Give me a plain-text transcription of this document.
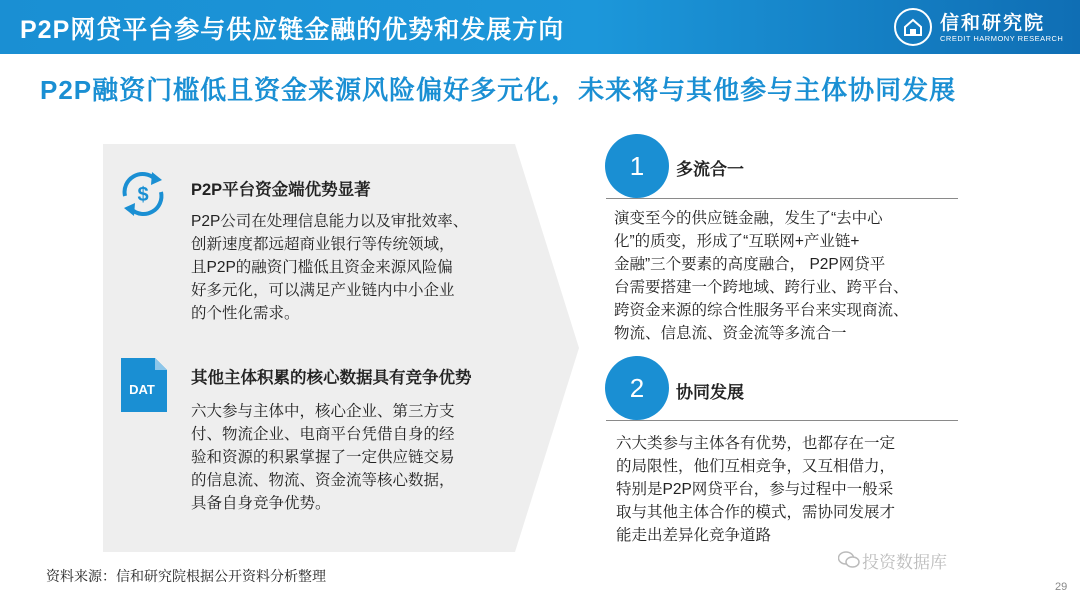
P2P网贷平台参与供应链金融的优势和发展方向	信和研究院
CREDIT HARMONY RESEARCH
P2P融资门槛低且资金来源风险偏好多元化，未来将与其他参与主体协同发展
$	P2P平台资金端优势显著
P2P公司在处理信息能力以及审批效率、
创新速度都远超商业银行等传统领域，
且P2P的融资门槛低且资金来源风险偏
好多元化，可以满足产业链内中小企业
的个性化需求。
DAT
其他主体积累的核心数据具有竞争优势
六大参与主体中，核心企业、第三方支
付、物流企业、电商平台凭借自身的经
验和资源的积累掌握了一定供应链交易
的信息流、物流、资金流等核心数据，
具备自身竞争优势。
1	多流合一
演变至今的供应链金融，发生了“去中心
化”的质变，形成了“互联网+产业链+
金融”三个要素的高度融合， P2P网贷平
台需要搭建一个跨地域、跨行业、跨平台、
跨资金来源的综合性服务平台来实现商流、
物流、信息流、资金流等多流合一
2	协同发展
六大类参与主体各有优势，也都存在一定
的局限性，他们互相竞争，又互相借力，
特别是P2P网贷平台，参与过程中一般采
取与其他主体合作的模式，需协同发展才
能走出差异化竞争道路
资料来源：信和研究院根据公开资料分析整理
投资数据库
29
